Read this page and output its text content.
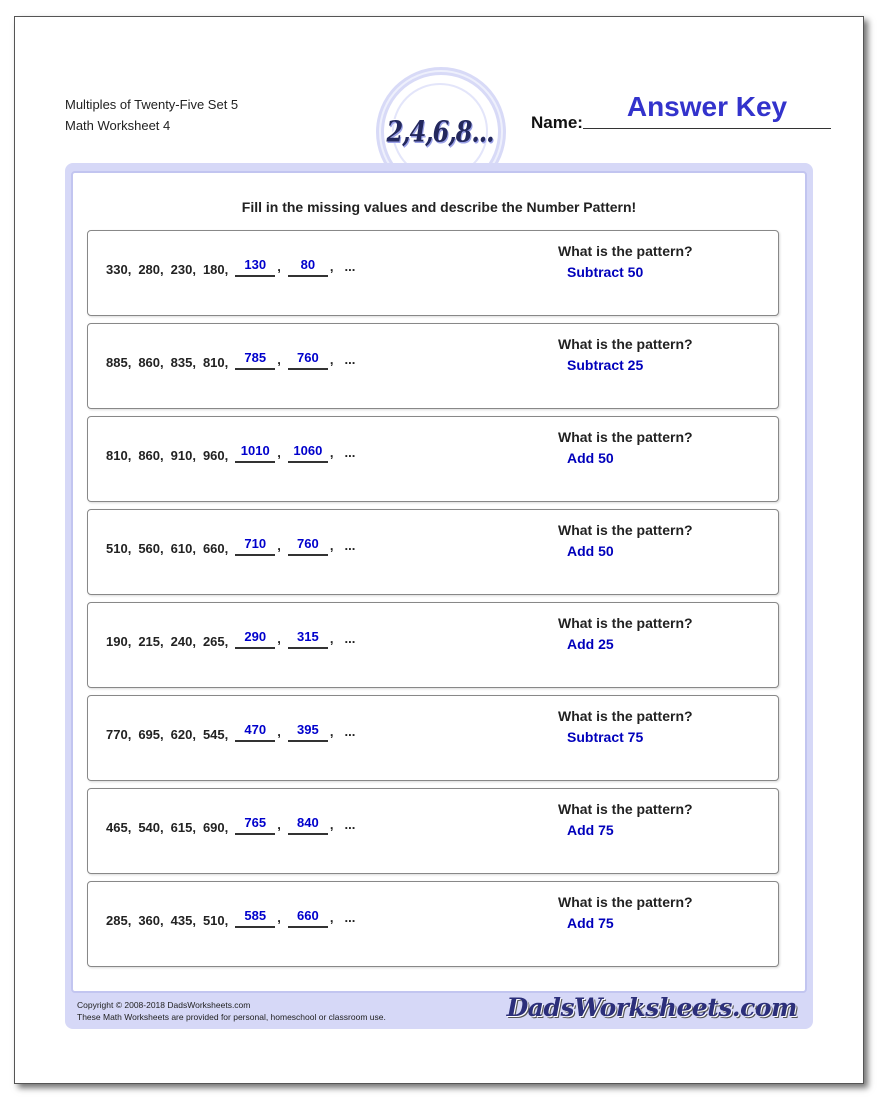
Multiples of Twenty-Five Set 5
Math Worksheet 4	2,4,6,8... Name:
Answer Key
Fill in the missing values and describe the Number Pattern!
330, 280, 230, 180,	130 ,	80	, ...
What is the pattern?
Subtract 50
885, 860, 835, 810,	785 ,	760 , ...
What is the pattern?
Subtract 25
810, 860, 910, 960, 1010 , 1060 , ...
What is the pattern?
Add 50
510, 560, 610, 660,	710 ,	760 , ...
What is the pattern?
Add 50
190, 215, 240, 265,	290 ,	315 , ...
What is the pattern?
Add 25
770, 695, 620, 545,	470 ,	395 , ...
What is the pattern?
Subtract 75
465, 540, 615, 690,	765 ,	840 , ...
What is the pattern?
Add 75
285, 360, 435, 510,	585 ,	660 , ...
What is the pattern?
Add 75
Copyright © 2008-2018 DadsWorksheets.com
These Math Worksheets are provided for personal, homeschool or classroom use.	DadsWorksheets.com
